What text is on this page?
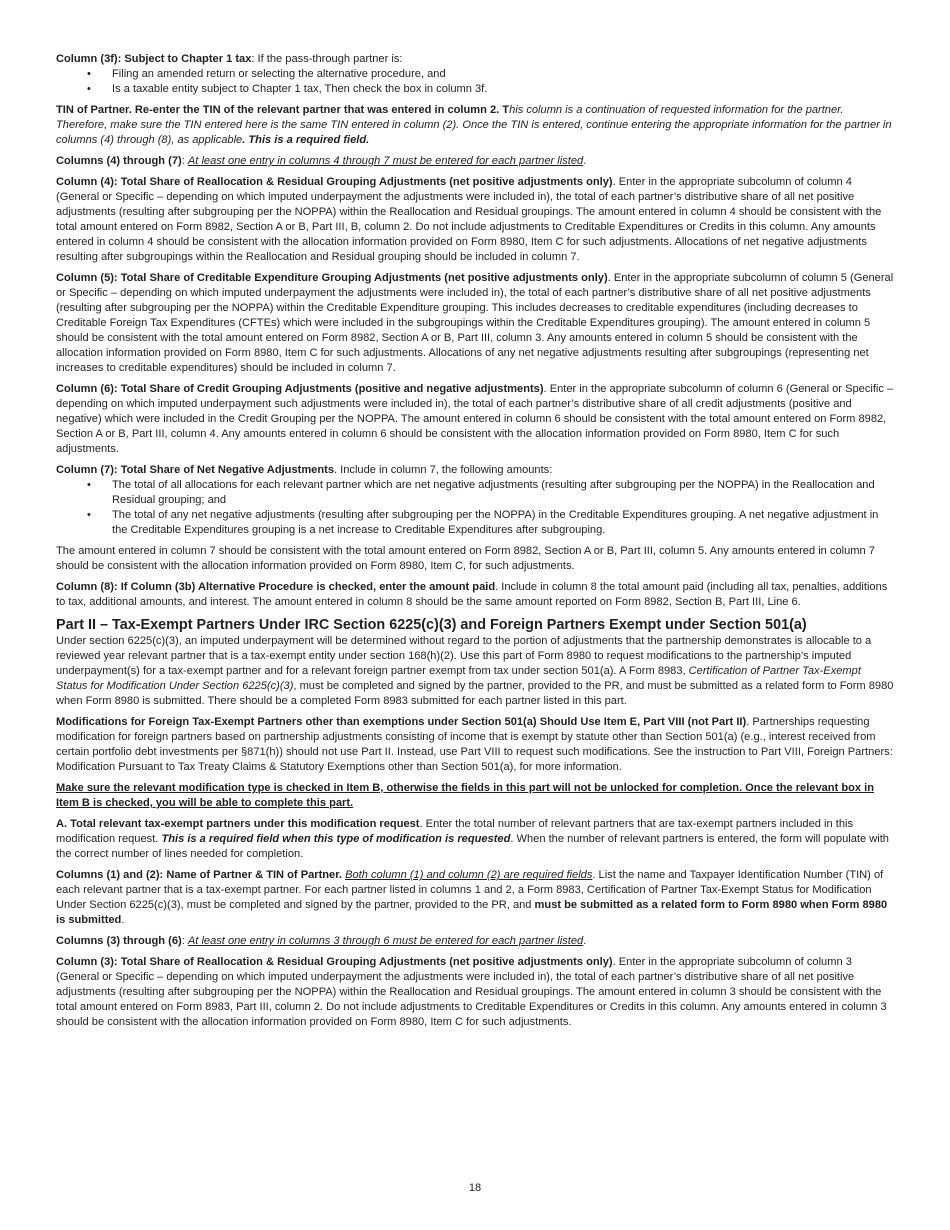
Column (3f): Subject to Chapter 1 tax: If the pass-through partner is:

• Filing an amended return or selecting the alternative procedure, and
• Is a taxable entity subject to Chapter 1 tax, Then check the box in column 3f.

TIN of Partner. Re-enter the TIN of the relevant partner that was entered in column 2. This column is a continuation of requested information for the partner. Therefore, make sure the TIN entered here is the same TIN entered in column (2). Once the TIN is entered, continue entering the appropriate information for the partner in columns (4) through (8), as applicable. This is a required field.

Columns (4) through (7): At least one entry in columns 4 through 7 must be entered for each partner listed.

Column (4): Total Share of Reallocation & Residual Grouping Adjustments (net positive adjustments only). Enter in the appropriate subcolumn of column 4 (General or Specific – depending on which imputed underpayment the adjustments were included in), the total of each partner’s distributive share of all net positive adjustments (resulting after subgrouping per the NOPPA) within the Reallocation and Residual groupings. The amount entered in column 4 should be consistent with the total amount entered on Form 8982, Section A or B, Part III, B, column 2. Do not include adjustments to Creditable Expenditures or Credits in this column. Any amounts entered in column 4 should be consistent with the allocation information provided on Form 8980, Item C for such adjustments. Allocations of net negative adjustments resulting after subgroupings within the Reallocation and Residual grouping should be included in column 7.

Column (5): Total Share of Creditable Expenditure Grouping Adjustments (net positive adjustments only). Enter in the appropriate subcolumn of column 5 (General or Specific – depending on which imputed underpayment the adjustments were included in), the total of each partner’s distributive share of all net positive adjustments (resulting after subgrouping per the NOPPA) within the Creditable Expenditure grouping. This includes decreases to creditable expenditures (including decreases to Creditable Foreign Tax Expenditures (CFTEs) which were included in the subgroupings within the Creditable Expenditures grouping). The amount entered in column 5 should be consistent with the total amount entered on Form 8982, Section A or B, Part III, column 3. Any amounts entered in column 5 should be consistent with the allocation information provided on Form 8980, Item C for such adjustments. Allocations of any net negative adjustments resulting after subgroupings (representing net increases to creditable expenditures) should be included in column 7.

Column (6): Total Share of Credit Grouping Adjustments (positive and negative adjustments). Enter in the appropriate subcolumn of column 6 (General or Specific – depending on which imputed underpayment such adjustments were included in), the total of each partner’s distributive share of all credit adjustments (positive and negative) which were included in the Credit Grouping per the NOPPA. The amount entered in column 6 should be consistent with the total amount entered on Form 8982, Section A or B, Part III, column 4. Any amounts entered in column 6 should be consistent with the allocation information provided on Form 8980, Item C for such adjustments.

Column (7): Total Share of Net Negative Adjustments. Include in column 7, the following amounts:

• The total of all allocations for each relevant partner which are net negative adjustments (resulting after subgrouping per the NOPPA) in the Reallocation and Residual grouping; and
• The total of any net negative adjustments (resulting after subgrouping per the NOPPA) in the Creditable Expenditures grouping. A net negative adjustment in the Creditable Expenditures grouping is a net increase to Creditable Expenditures after subgrouping.

The amount entered in column 7 should be consistent with the total amount entered on Form 8982, Section A or B, Part III, column 5. Any amounts entered in column 7 should be consistent with the allocation information provided on Form 8980, Item C, for such adjustments.

Column (8): If Column (3b) Alternative Procedure is checked, enter the amount paid. Include in column 8 the total amount paid (including all tax, penalties, additions to tax, additional amounts, and interest. The amount entered in column 8 should be the same amount reported on Form 8982, Section B, Part III, Line 6.

Part II – Tax-Exempt Partners Under IRC Section 6225(c)(3) and Foreign Partners Exempt under Section 501(a)

Under section 6225(c)(3), an imputed underpayment will be determined without regard to the portion of adjustments that the partnership demonstrates is allocable to a reviewed year relevant partner that is a tax-exempt entity under section 168(h)(2). Use this part of Form 8980 to request modifications to the partnership’s imputed underpayment(s) for a tax-exempt partner and for a relevant foreign partner exempt from tax under section 501(a). A Form 8983, Certification of Partner Tax-Exempt Status for Modification Under Section 6225(c)(3), must be completed and signed by the partner, provided to the PR, and must be submitted as a related form to Form 8980 when Form 8980 is submitted. There should be a completed Form 8983 submitted for each partner listed in this part.

Modifications for Foreign Tax-Exempt Partners other than exemptions under Section 501(a) Should Use Item E, Part VIII (not Part II). Partnerships requesting modification for foreign partners based on partnership adjustments consisting of income that is exempt by statute other than Section 501(a) (e.g., interest received from certain portfolio debt investments per §871(h)) should not use Part II. Instead, use Part VIII to request such modifications. See the instruction to Part VIII, Foreign Partners: Modification Pursuant to Tax Treaty Claims & Statutory Exemptions other than Section 501(a), for more information.

Make sure the relevant modification type is checked in Item B, otherwise the fields in this part will not be unlocked for completion. Once the relevant box in Item B is checked, you will be able to complete this part.

A. Total relevant tax-exempt partners under this modification request. Enter the total number of relevant partners that are tax-exempt partners included in this modification request. This is a required field when this type of modification is requested. When the number of relevant partners is entered, the form will populate with the correct number of lines needed for completion.

Columns (1) and (2): Name of Partner & TIN of Partner. Both column (1) and column (2) are required fields. List the name and Taxpayer Identification Number (TIN) of each relevant partner that is a tax-exempt partner. For each partner listed in columns 1 and 2, a Form 8983, Certification of Partner Tax-Exempt Status for Modification Under Section 6225(c)(3), must be completed and signed by the partner, provided to the PR, and must be submitted as a related form to Form 8980 when Form 8980 is submitted.

Columns (3) through (6): At least one entry in columns 3 through 6 must be entered for each partner listed.

Column (3): Total Share of Reallocation & Residual Grouping Adjustments (net positive adjustments only). Enter in the appropriate subcolumn of column 3 (General or Specific – depending on which imputed underpayment the adjustments were included in), the total of each partner’s distributive share of all net positive adjustments (resulting after subgrouping per the NOPPA) within the Reallocation and Residual groupings. The amount entered in column 3 should be consistent with the total amount entered on Form 8983, Part III, column 2. Do not include adjustments to Creditable Expenditures or Credits in this column. Any amounts entered in column 3 should be consistent with the allocation information provided on Form 8980, Item C for such adjustments.

18
